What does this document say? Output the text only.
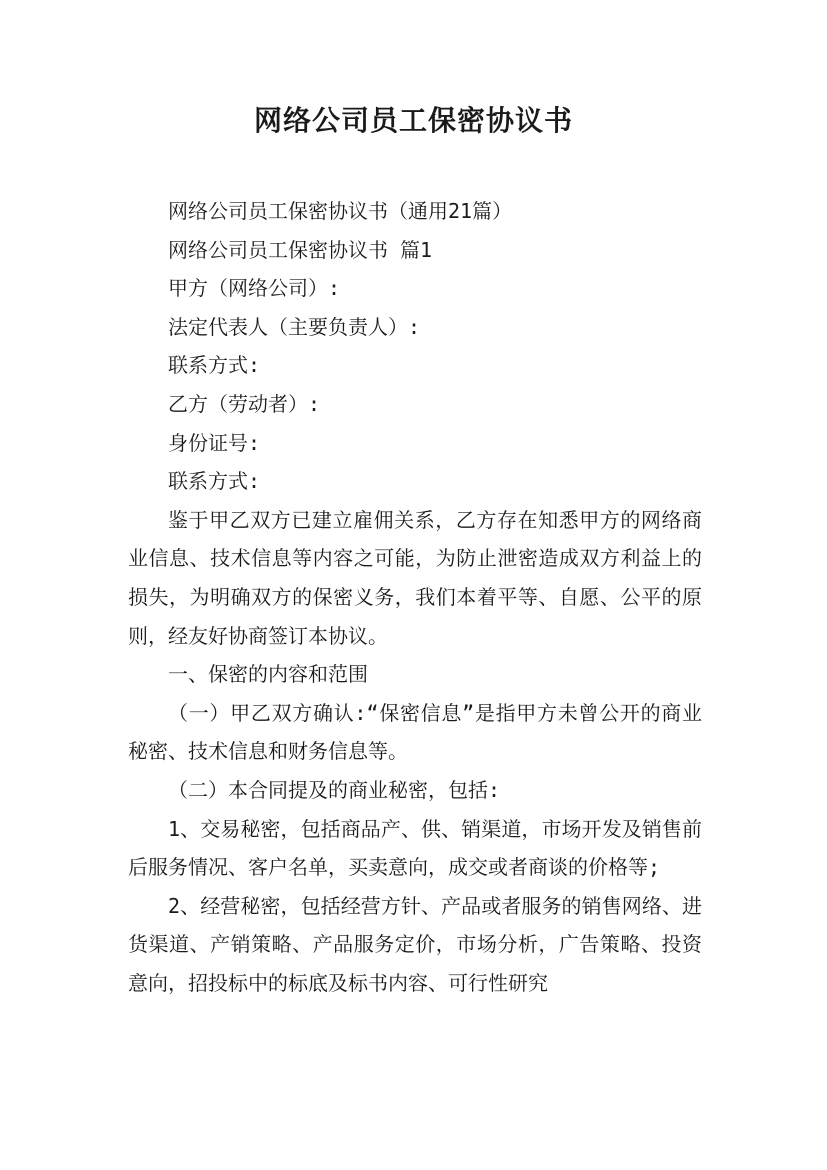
网络公司员工保密协议书

网络公司员工保密协议书（通用21篇）

网络公司员工保密协议书 篇1

甲方（网络公司）:

法定代表人（主要负责人）:

联系方式:

乙方（劳动者）:

身份证号:

联系方式:

鉴于甲乙双方已建立雇佣关系，乙方存在知悉甲方的网络商业信息、技术信息等内容之可能，为防止泄密造成双方利益上的损失，为明确双方的保密义务，我们本着平等、自愿、公平的原则，经友好协商签订本协议。

一、保密的内容和范围

（一）甲乙双方确认:“保密信息”是指甲方未曾公开的商业秘密、技术信息和财务信息等。

（二）本合同提及的商业秘密，包括:

1、交易秘密，包括商品产、供、销渠道，市场开发及销售前后服务情况、客户名单，买卖意向，成交或者商谈的价格等;

2、经营秘密，包括经营方针、产品或者服务的销售网络、进货渠道、产销策略、产品服务定价，市场分析，广告策略、投资意向，招投标中的标底及标书内容、可行性研究
